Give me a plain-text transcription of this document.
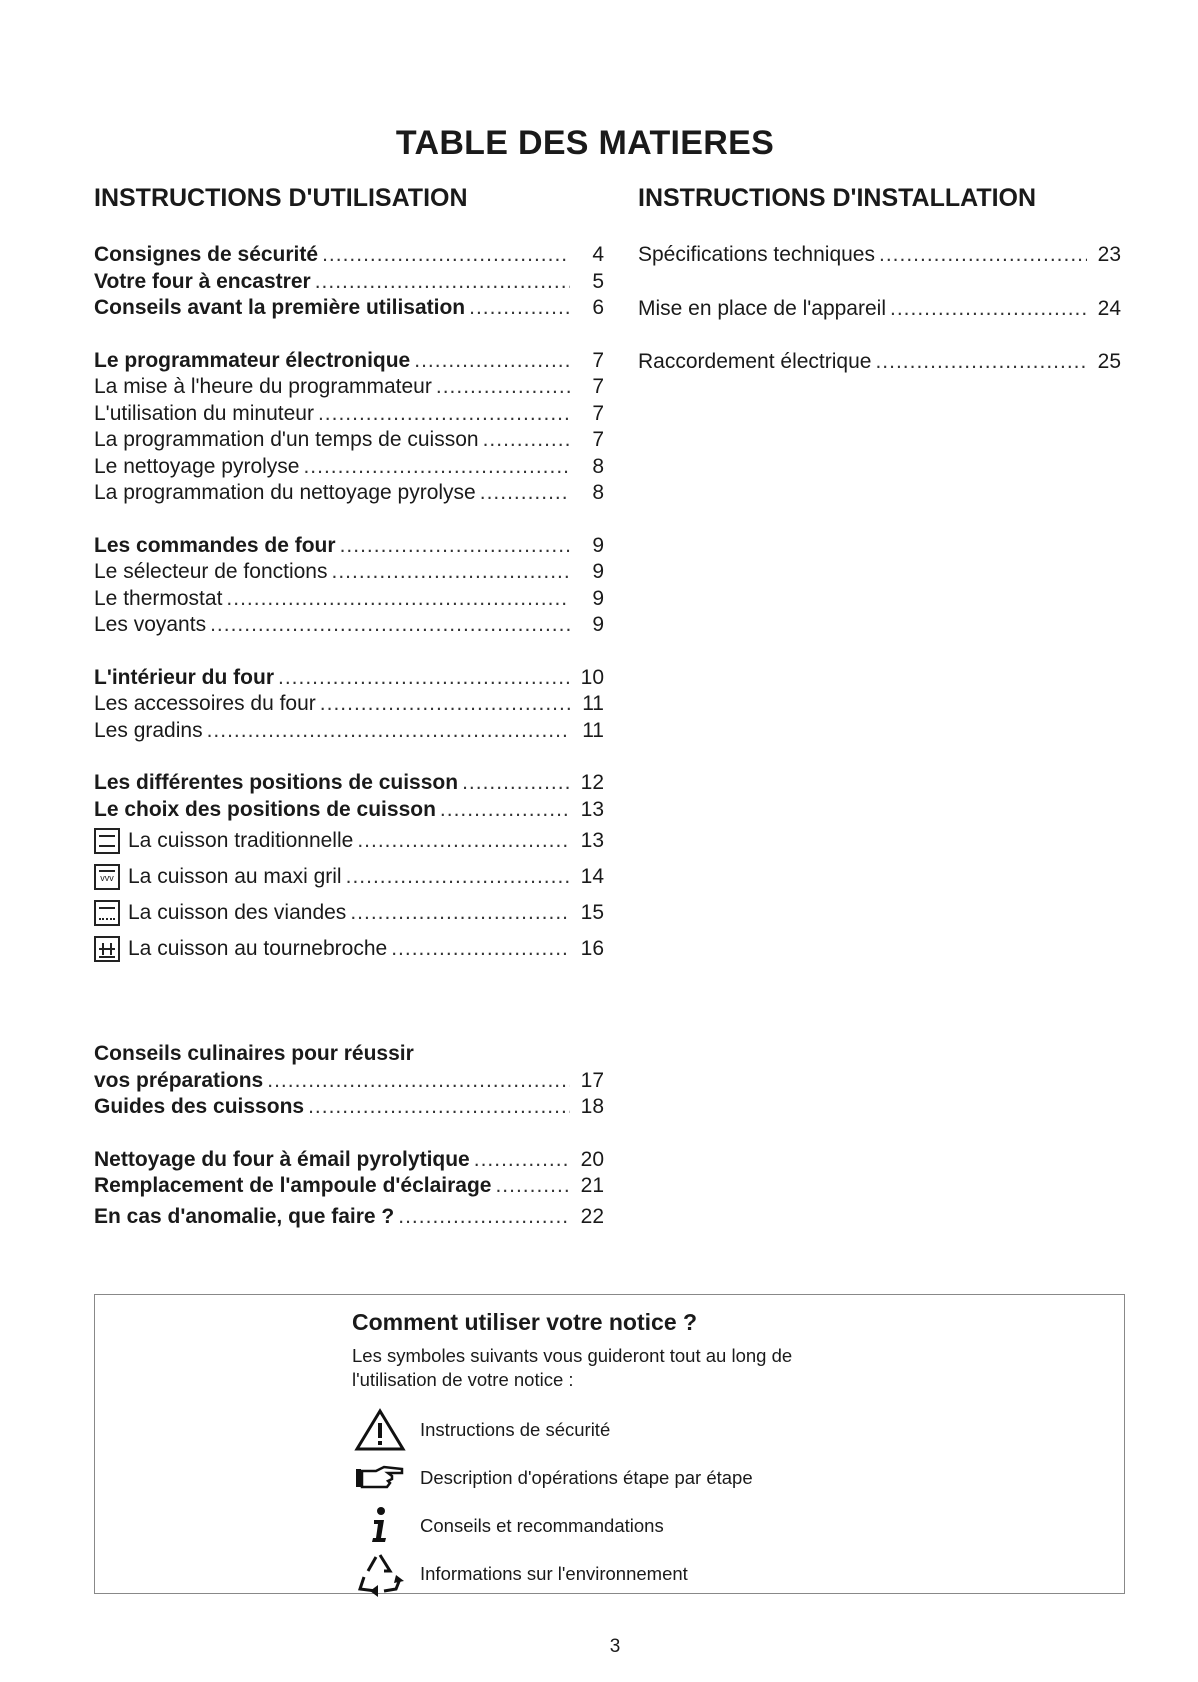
TABLE DES MATIERES
INSTRUCTIONS D'UTILISATION	INSTRUCTIONS D'INSTALLATION
Consignes de sécurité .....	4
Votre four à encastrer .....	5
Conseils avant la première utilisation .....	6
Le programmateur électronique .....	7
La mise à l'heure du programmateur .....	7
L'utilisation du minuteur .....	7
La programmation d'un temps de cuisson .....	7
Le nettoyage pyrolyse .....	8
La programmation du nettoyage pyrolyse .....	8
Les commandes de four .....	9
Le sélecteur de fonctions .....	9
Le thermostat .....	9
Les voyants .....	9
L'intérieur du four .....	10
Les accessoires du four .....	11
Les gradins .....	11
Les différentes positions de cuisson .....	12
Le choix des positions de cuisson .....	13
La cuisson traditionnelle .....	13
vvv La cuisson au maxi gril .....	14
La cuisson des viandes .....	15
La cuisson au tournebroche .....	16
Conseils culinaires pour réussir
vos préparations .....	17
Guides des cuissons .....	18
Nettoyage du four à émail pyrolytique .....	20
Remplacement de l'ampoule d'éclairage .....	21
En cas d'anomalie, que faire ? .....	22
Spécifications techniques .....	23
Mise en place de l'appareil .....	24
Raccordement électrique .....	25
Comment utiliser votre notice ?
Les symboles suivants vous guideront tout au long de l'utilisation de votre notice :
Instructions de sécurité
Description d'opérations étape par étape
Conseils et recommandations
Informations sur l'environnement
3
